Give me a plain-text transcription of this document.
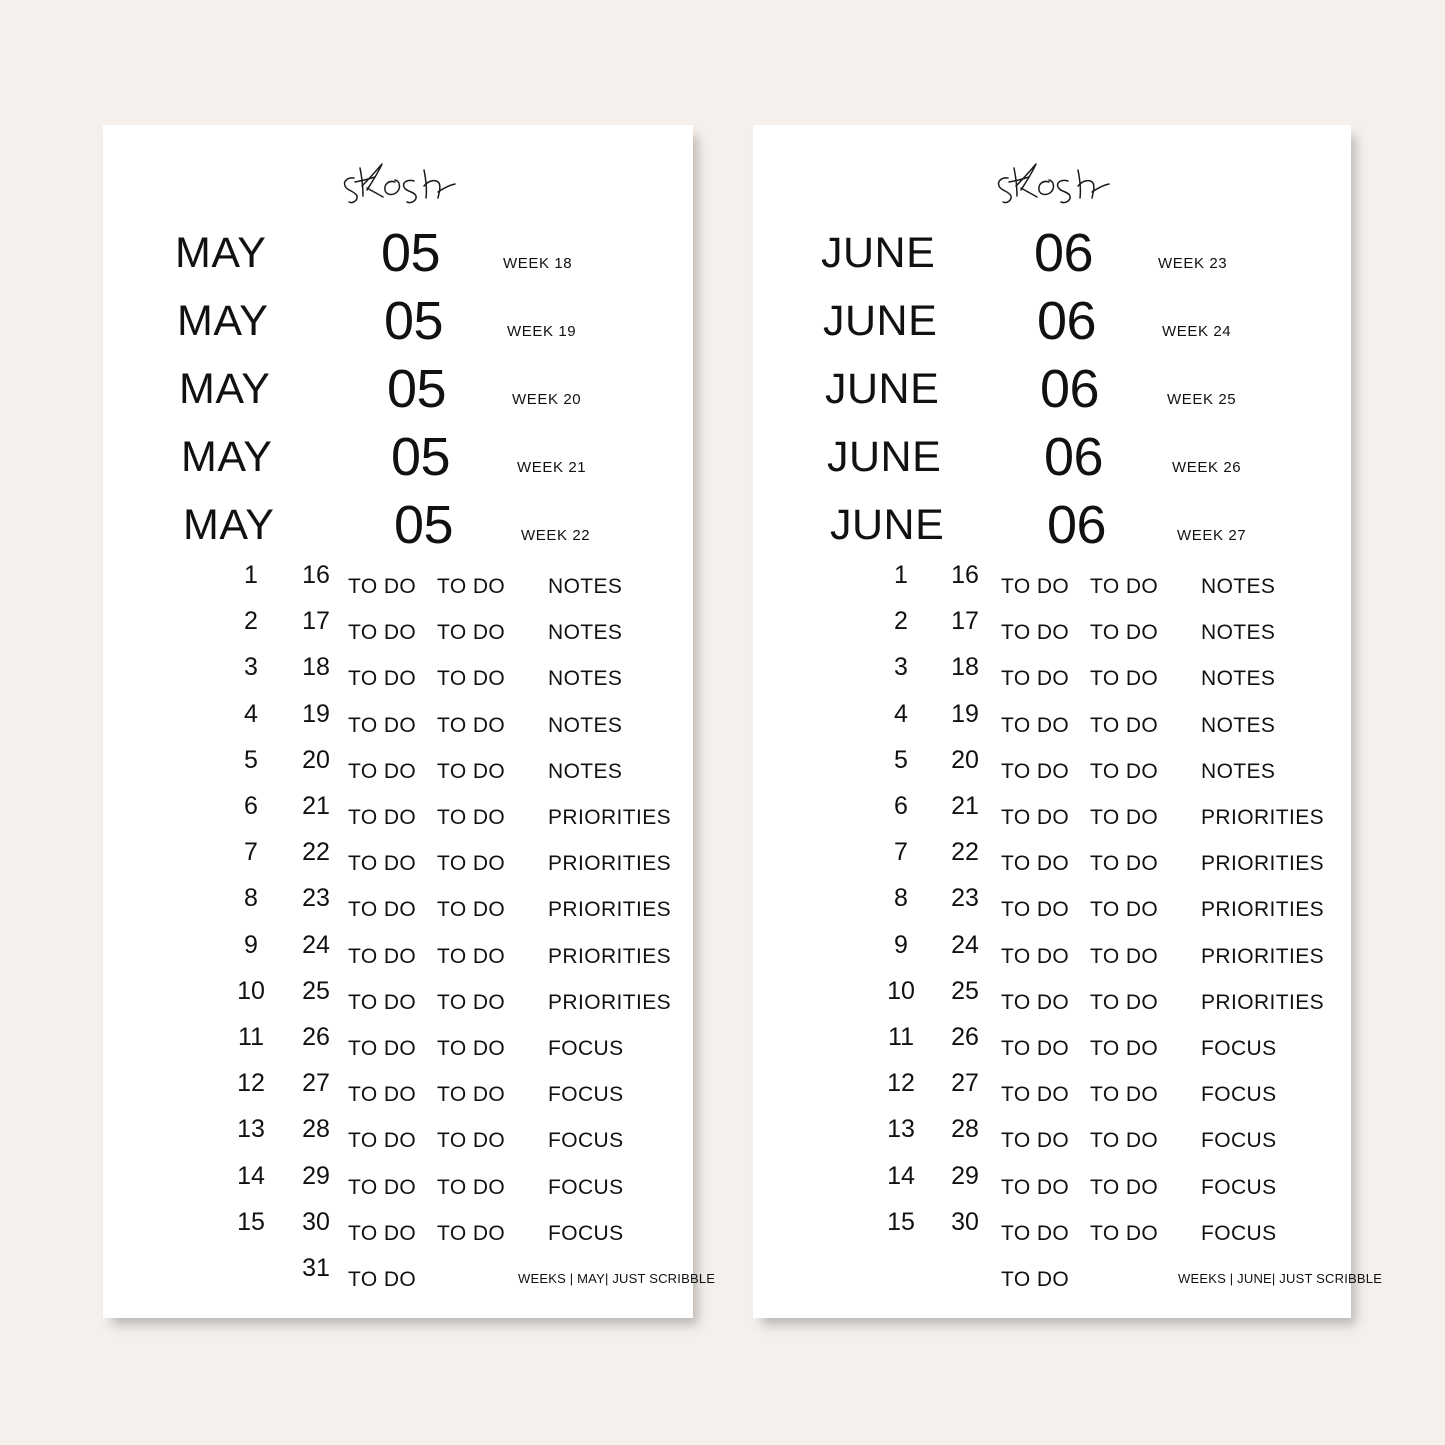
MAY 05	WEEK 18
MAY 05	WEEK 19
MAY 05	WEEK 20
MAY 05	WEEK 21
MAY 05	WEEK 22
1	16 TO DO TO DO NOTES
2	17 TO DO TO DO NOTES
3	18 TO DO TO DO NOTES
4	19 TO DO TO DO NOTES
5	20 TO DO TO DO NOTES
6	21 TO DO TO DO PRIORITIES
7	22 TO DO TO DO PRIORITIES
8	23 TO DO TO DO PRIORITIES
9	24 TO DO TO DO PRIORITIES
10	25 TO DO TO DO PRIORITIES
11	26 TO DO TO DO FOCUS
12	27 TO DO TO DO FOCUS
13	28 TO DO TO DO FOCUS
14	29 TO DO TO DO FOCUS
15	30 TO DO TO DO FOCUS
31 TO DO	WEEKS | MAY| JUST SCRIBBLE
JUNE 06	WEEK 23
JUNE 06	WEEK 24
JUNE 06	WEEK 25
JUNE 06	WEEK 26
JUNE 06	WEEK 27
1	16	TO DO TO DO NOTES
2	17	TO DO TO DO NOTES
3	18	TO DO TO DO NOTES
4	19	TO DO TO DO NOTES
5	20	TO DO TO DO NOTES
6	21	TO DO TO DO PRIORITIES
7	22	TO DO TO DO PRIORITIES
8	23	TO DO TO DO PRIORITIES
9	24	TO DO TO DO PRIORITIES
10	25	TO DO TO DO PRIORITIES
11	26	TO DO TO DO FOCUS
12	27	TO DO TO DO FOCUS
13	28	TO DO TO DO FOCUS
14	29	TO DO TO DO FOCUS
15	30	TO DO TO DO FOCUS
TO DO	WEEKS | JUNE| JUST SCRIBBLE
